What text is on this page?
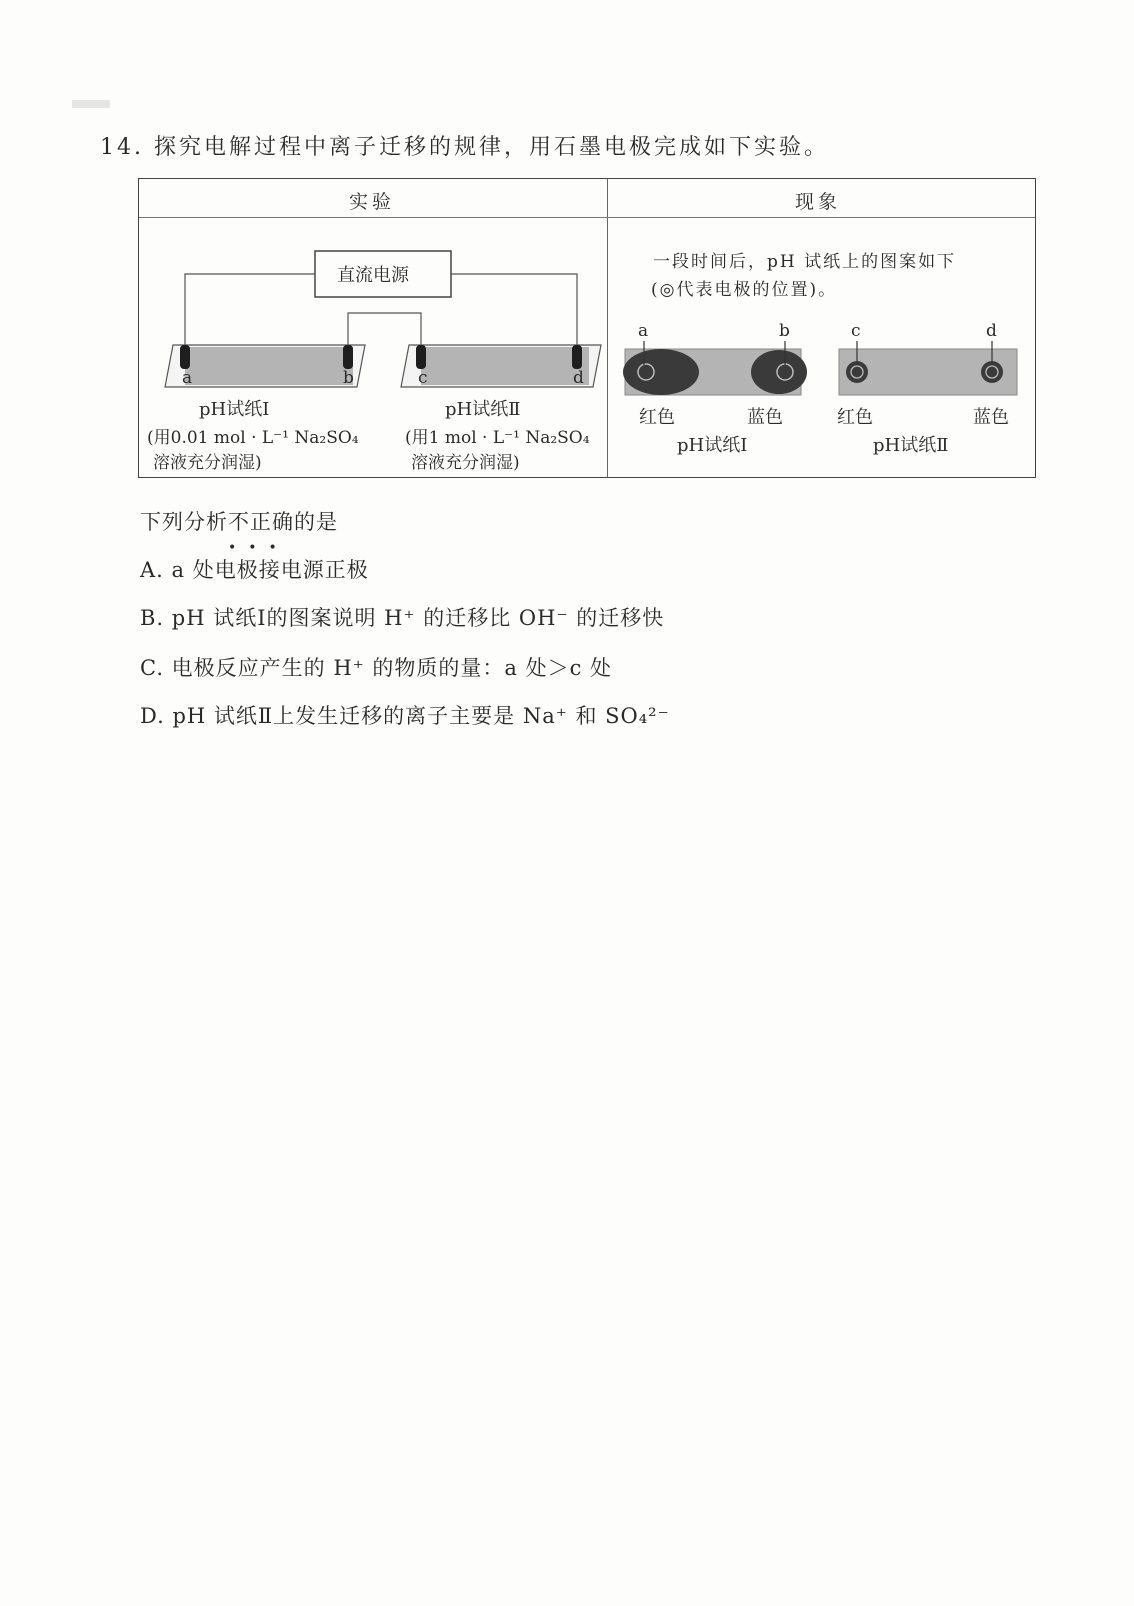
14. 探究电解过程中离子迁移的规律，用石墨电极完成如下实验。
实验	现象
直流电源
a	b	c	d
pH试纸Ⅰ
(用0.01 mol · L⁻¹ Na₂SO₄
溶液充分润湿)
pH试纸Ⅱ
(用1 mol · L⁻¹ Na₂SO₄
溶液充分润湿)
一段时间后，pH 试纸上的图案如下
(◎代表电极的位置)。
a	b	c	d
红色	蓝色	红色	蓝色
pH试纸Ⅰ	pH试纸Ⅱ
下列分析不正确
•••
的是
A. a 处电极接电源正极
B. pH 试纸Ⅰ的图案说明 H⁺ 的迁移比 OH⁻ 的迁移快
C. 电极反应产生的 H⁺ 的物质的量：a 处＞c 处
D. pH 试纸Ⅱ上发生迁移的离子主要是 Na⁺ 和 SO₄²⁻
